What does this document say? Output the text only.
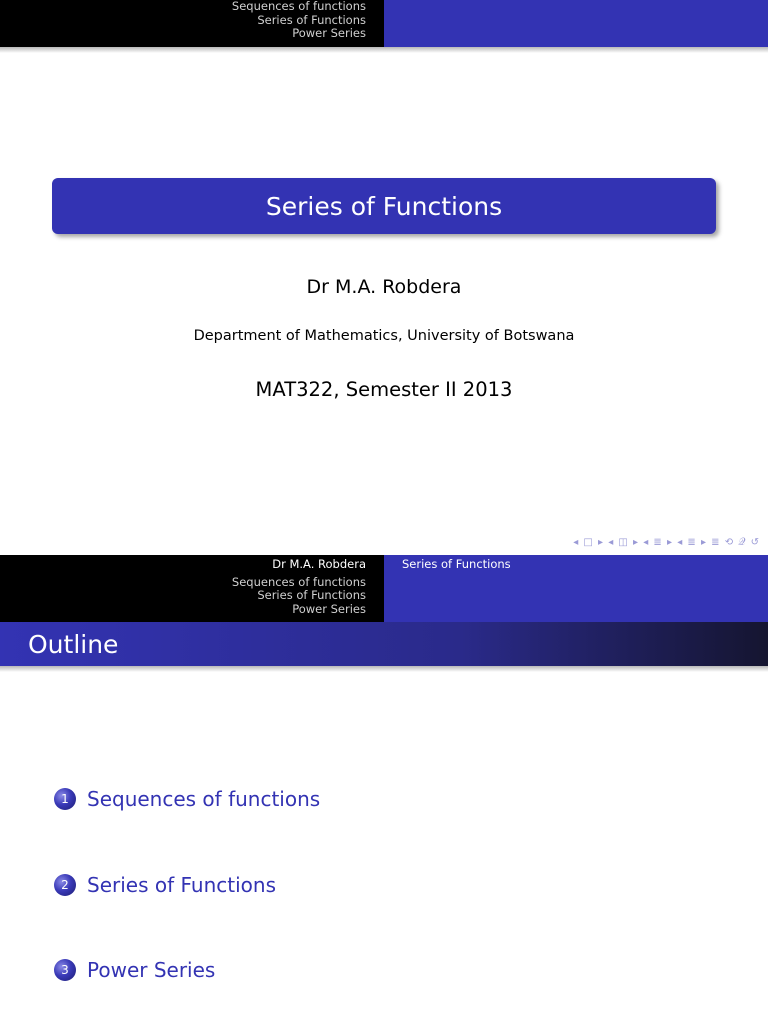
Sequences of functions
Series of Functions
Power Series
Series of Functions
Dr M.A. Robdera
Department of Mathematics, University of Botswana
MAT322, Semester II 2013
◂ □ ▸ ◂ ◫ ▸ ◂ ≣ ▸ ◂ ≣ ▸ ≣ ⟲ 𝒬 ↺
Dr M.A. Robdera
Sequences of functions
Series of Functions
Power Series
Series of Functions
Outline
1 Sequences of functions
2 Series of Functions
3 Power Series
